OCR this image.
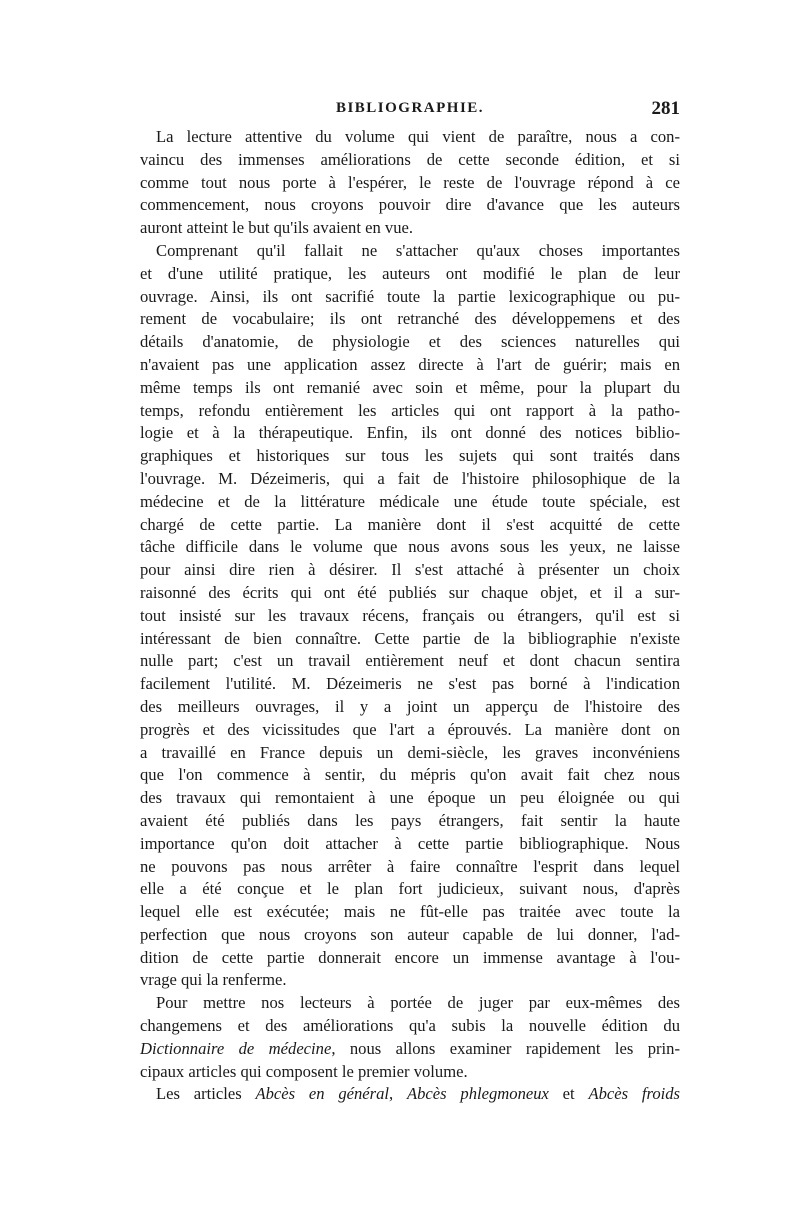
BIBLIOGRAPHIE.	281
La lecture attentive du volume qui vient de paraître, nous a con-
vaincu des immenses améliorations de cette seconde édition, et si
comme tout nous porte à l'espérer, le reste de l'ouvrage répond à ce
commencement, nous croyons pouvoir dire d'avance que les auteurs
auront atteint le but qu'ils avaient en vue.
Comprenant qu'il fallait ne s'attacher qu'aux choses importantes
et d'une utilité pratique, les auteurs ont modifié le plan de leur
ouvrage. Ainsi, ils ont sacrifié toute la partie lexicographique ou pu-
rement de vocabulaire; ils ont retranché des développemens et des
détails d'anatomie, de physiologie et des sciences naturelles qui
n'avaient pas une application assez directe à l'art de guérir; mais en
même temps ils ont remanié avec soin et même, pour la plupart du
temps, refondu entièrement les articles qui ont rapport à la patho-
logie et à la thérapeutique. Enfin, ils ont donné des notices biblio-
graphiques et historiques sur tous les sujets qui sont traités dans
l'ouvrage. M. Dézeimeris, qui a fait de l'histoire philosophique de la
médecine et de la littérature médicale une étude toute spéciale, est
chargé de cette partie. La manière dont il s'est acquitté de cette
tâche difficile dans le volume que nous avons sous les yeux, ne laisse
pour ainsi dire rien à désirer. Il s'est attaché à présenter un choix
raisonné des écrits qui ont été publiés sur chaque objet, et il a sur-
tout insisté sur les travaux récens, français ou étrangers, qu'il est si
intéressant de bien connaître. Cette partie de la bibliographie n'existe
nulle part; c'est un travail entièrement neuf et dont chacun sentira
facilement l'utilité. M. Dézeimeris ne s'est pas borné à l'indication
des meilleurs ouvrages, il y a joint un apperçu de l'histoire des
progrès et des vicissitudes que l'art a éprouvés. La manière dont on
a travaillé en France depuis un demi-siècle, les graves inconvéniens
que l'on commence à sentir, du mépris qu'on avait fait chez nous
des travaux qui remontaient à une époque un peu éloignée ou qui
avaient été publiés dans les pays étrangers, fait sentir la haute
importance qu'on doit attacher à cette partie bibliographique. Nous
ne pouvons pas nous arrêter à faire connaître l'esprit dans lequel
elle a été conçue et le plan fort judicieux, suivant nous, d'après
lequel elle est exécutée; mais ne fût-elle pas traitée avec toute la
perfection que nous croyons son auteur capable de lui donner, l'ad-
dition de cette partie donnerait encore un immense avantage à l'ou-
vrage qui la renferme.
Pour mettre nos lecteurs à portée de juger par eux-mêmes des
changemens et des améliorations qu'a subis la nouvelle édition du
Dictionnaire de médecine, nous allons examiner rapidement les prin-
cipaux articles qui composent le premier volume.
Les articles Abcès en général, Abcès phlegmoneux et Abcès froids
